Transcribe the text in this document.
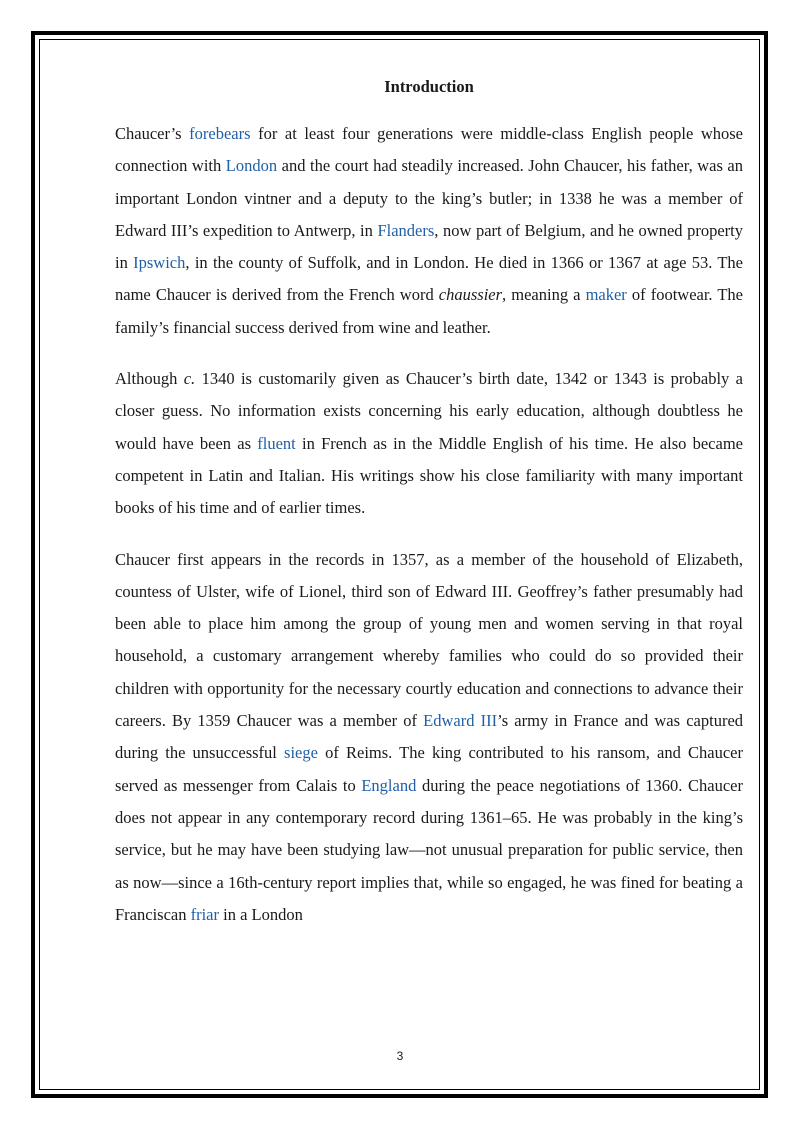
Introduction

Chaucer’s forebears for at least four generations were middle-class English people whose connection with London and the court had steadily increased. John Chaucer, his father, was an important London vintner and a deputy to the king’s butler; in 1338 he was a member of Edward III’s expedition to Antwerp, in Flanders, now part of Belgium, and he owned property in Ipswich, in the county of Suffolk, and in London. He died in 1366 or 1367 at age 53. The name Chaucer is derived from the French word chaussier, meaning a maker of footwear. The family’s financial success derived from wine and leather.

Although c. 1340 is customarily given as Chaucer’s birth date, 1342 or 1343 is probably a closer guess. No information exists concerning his early education, although doubtless he would have been as fluent in French as in the Middle English of his time. He also became competent in Latin and Italian. His writings show his close familiarity with many important books of his time and of earlier times.

Chaucer first appears in the records in 1357, as a member of the household of Elizabeth, countess of Ulster, wife of Lionel, third son of Edward III. Geoffrey’s father presumably had been able to place him among the group of young men and women serving in that royal household, a customary arrangement whereby families who could do so provided their children with opportunity for the necessary courtly education and connections to advance their careers. By 1359 Chaucer was a member of Edward III’s army in France and was captured during the unsuccessful siege of Reims. The king contributed to his ransom, and Chaucer served as messenger from Calais to England during the peace negotiations of 1360. Chaucer does not appear in any contemporary record during 1361–65. He was probably in the king’s service, but he may have been studying law—not unusual preparation for public service, then as now—since a 16th-century report implies that, while so engaged, he was fined for beating a Franciscan friar in a London

3
